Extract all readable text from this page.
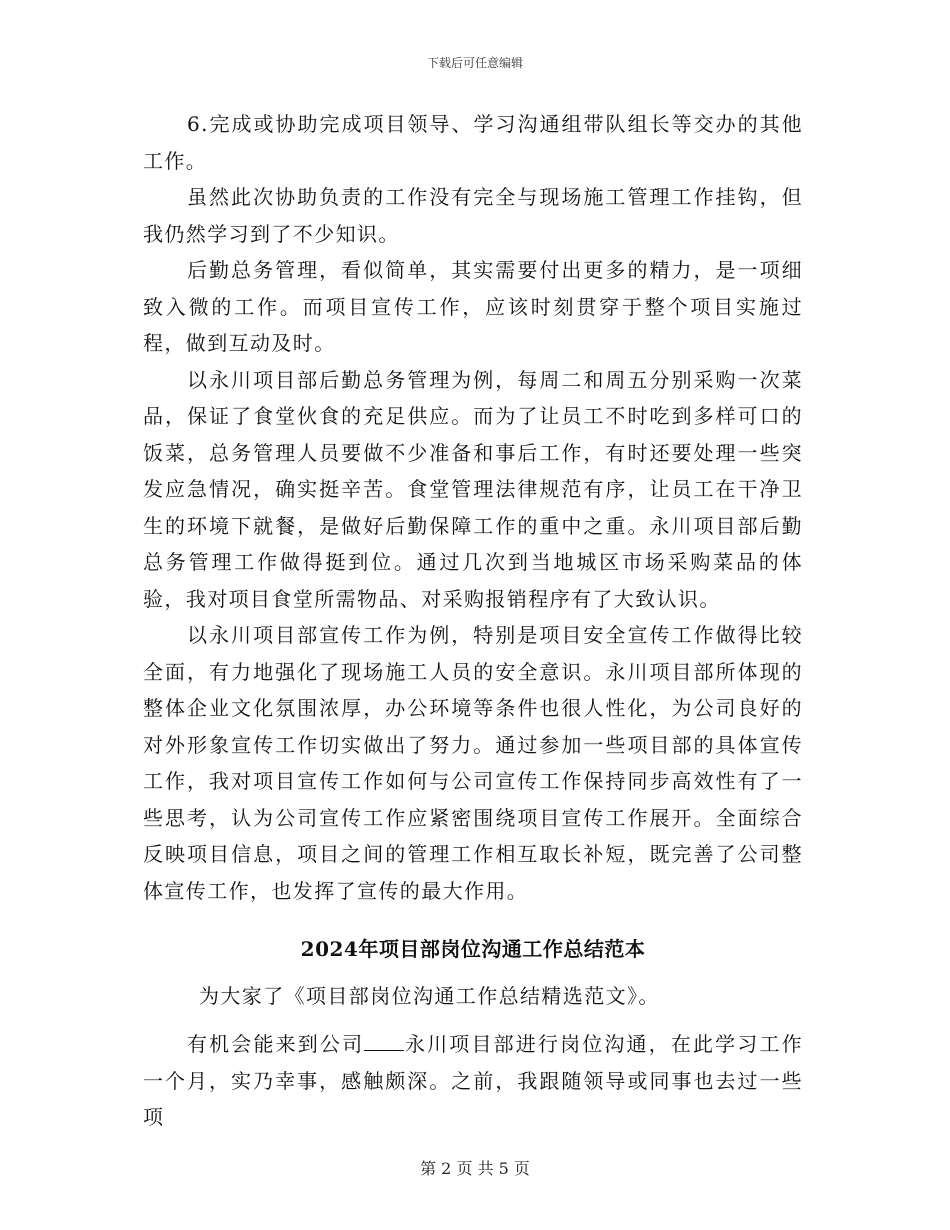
下载后可任意编辑

6.完成或协助完成项目领导、学习沟通组带队组长等交办的其他工作。

虽然此次协助负责的工作没有完全与现场施工管理工作挂钩，但我仍然学习到了不少知识。

后勤总务管理，看似简单，其实需要付出更多的精力，是一项细致入微的工作。而项目宣传工作，应该时刻贯穿于整个项目实施过程，做到互动及时。

以永川项目部后勤总务管理为例，每周二和周五分别采购一次菜品，保证了食堂伙食的充足供应。而为了让员工不时吃到多样可口的饭菜，总务管理人员要做不少准备和事后工作，有时还要处理一些突发应急情况，确实挺辛苦。食堂管理法律规范有序，让员工在干净卫生的环境下就餐，是做好后勤保障工作的重中之重。永川项目部后勤总务管理工作做得挺到位。通过几次到当地城区市场采购菜品的体验，我对项目食堂所需物品、对采购报销程序有了大致认识。

以永川项目部宣传工作为例，特别是项目安全宣传工作做得比较全面，有力地强化了现场施工人员的安全意识。永川项目部所体现的整体企业文化氛围浓厚，办公环境等条件也很人性化，为公司良好的对外形象宣传工作切实做出了努力。通过参加一些项目部的具体宣传工作，我对项目宣传工作如何与公司宣传工作保持同步高效性有了一些思考，认为公司宣传工作应紧密围绕项目宣传工作展开。全面综合反映项目信息，项目之间的管理工作相互取长补短，既完善了公司整体宣传工作，也发挥了宣传的最大作用。

2024年项目部岗位沟通工作总结范本

为大家了《项目部岗位沟通工作总结精选范文》。

有机会能来到公司 永川项目部进行岗位沟通，在此学习工作一个月，实乃幸事，感触颇深。之前，我跟随领导或同事也去过一些项

第 2 页 共 5 页
